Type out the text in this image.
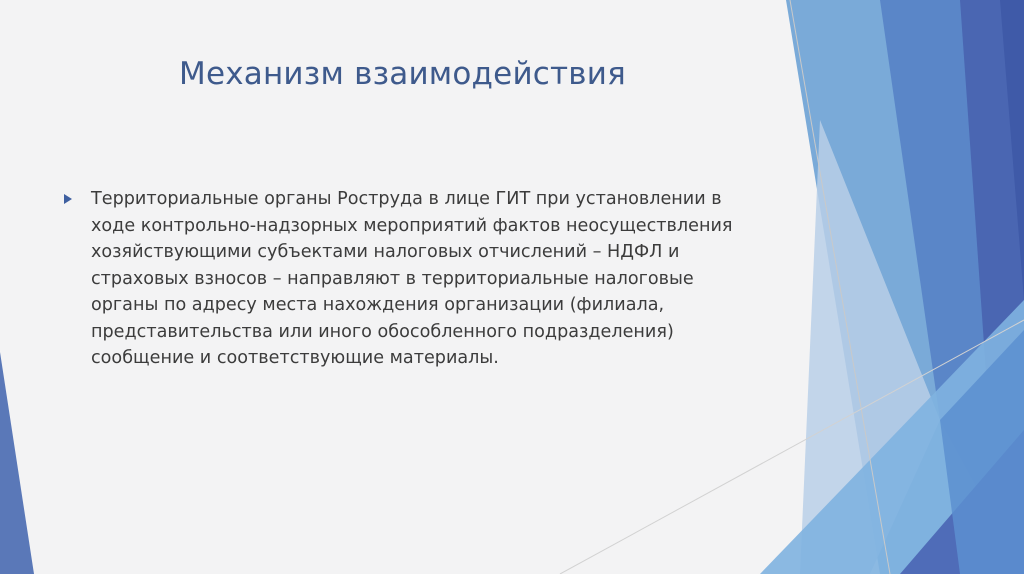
Механизм взаимодействия
Территориальные органы Роструда в лице ГИТ при установлении в
ходе контрольно-надзорных мероприятий фактов неосуществления
хозяйствующими субъектами налоговых отчислений – НДФЛ и
страховых взносов – направляют в территориальные налоговые
органы по адресу места нахождения организации (филиала,
представительства или иного обособленного подразделения)
сообщение и соответствующие материалы.
